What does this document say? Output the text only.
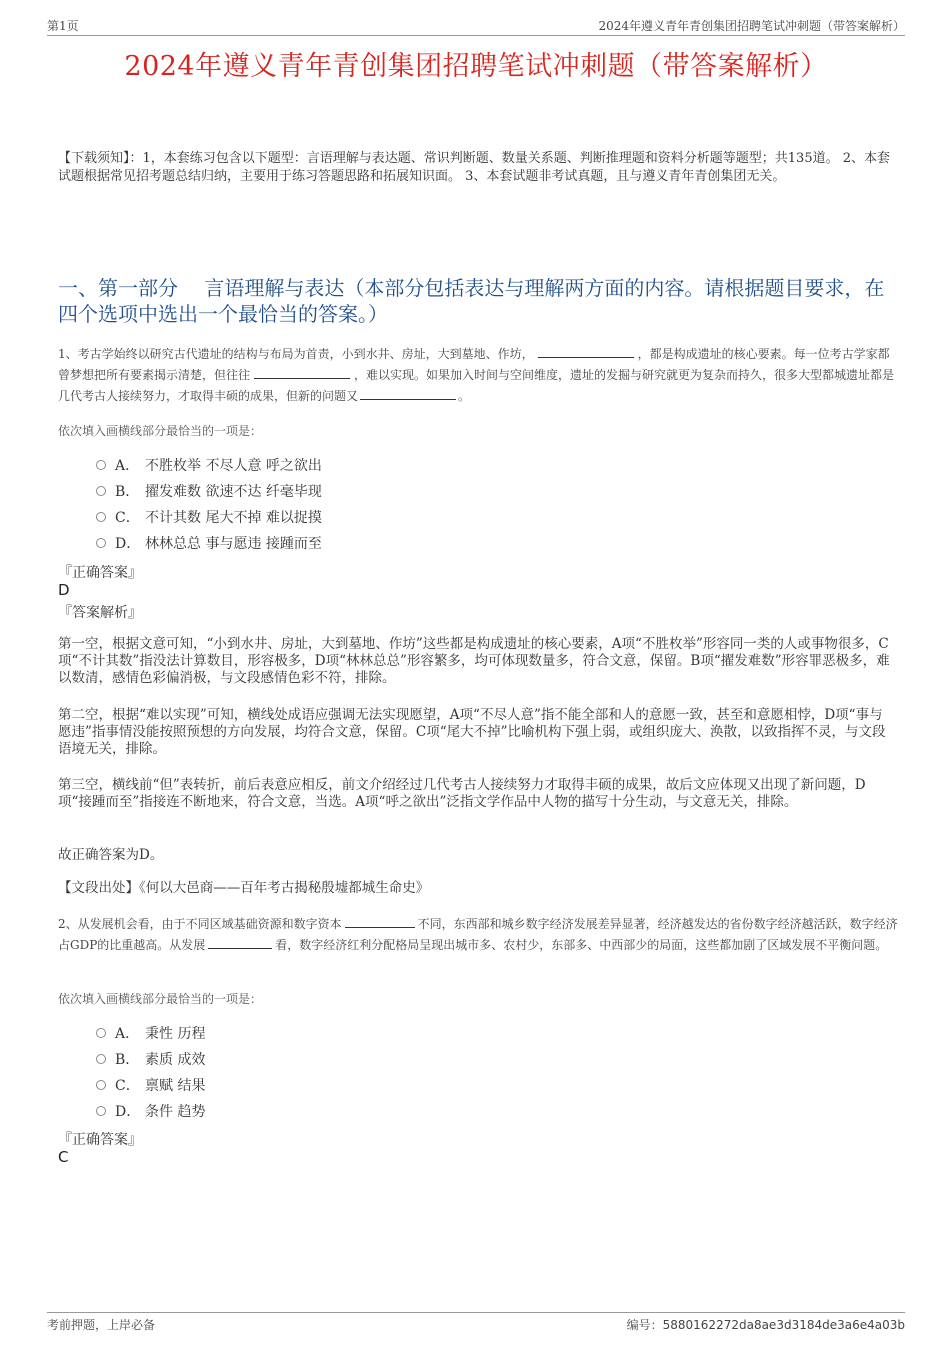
第1页	2024年遵义青年青创集团招聘笔试冲刺题（带答案解析）
2024年遵义青年青创集团招聘笔试冲刺题（带答案解析）
【下载须知】：1，本套练习包含以下题型：言语理解与表达题、常识判断题、数量关系题、判断推理题和资料分析题等题型；共135道。 2、本套试题根据常见招考题总结归纳，主要用于练习答题思路和拓展知识面。 3、本套试题非考试真题，且与遵义青年青创集团无关。
一、第一部分　 言语理解与表达（本部分包括表达与理解两方面的内容。请根据题目要求，在四个选项中选出一个最恰当的答案。）
1、考古学始终以研究古代遗址的结构与布局为首责，小到水井、房址，大到墓地、作坊，	，都是构成遗址的核心要素。每一位考古学家都曾梦想把所有要素揭示清楚，但往往	，难以实现。如果加入时间与空间维度，遗址的发掘与研究就更为复杂而持久，很多大型都城遗址都是几代考古人接续努力，才取得丰硕的成果，但新的问题又	。
依次填入画横线部分最恰当的一项是：
A． 不胜枚举 不尽人意 呼之欲出
B． 擢发难数 欲速不达 纤毫毕现
C． 不计其数 尾大不掉 难以捉摸
D． 林林总总 事与愿违 接踵而至
『正确答案』
D
『答案解析』
第一空，根据文意可知，“小到水井、房址，大到墓地、作坊”这些都是构成遗址的核心要素，A项“不胜枚举”形容同一类的人或事物很多，C项“不计其数”指没法计算数目，形容极多，D项“林林总总”形容繁多，均可体现数量多，符合文意，保留。B项“擢发难数”形容罪恶极多，难以数清，感情色彩偏消极，与文段感情色彩不符，排除。
第二空，根据“难以实现”可知，横线处成语应强调无法实现愿望，A项“不尽人意”指不能全部和人的意愿一致，甚至和意愿相悖，D项“事与愿违”指事情没能按照预想的方向发展，均符合文意，保留。C项“尾大不掉”比喻机构下强上弱，或组织庞大、涣散，以致指挥不灵，与文段语境无关，排除。
第三空，横线前“但”表转折，前后表意应相反，前文介绍经过几代考古人接续努力才取得丰硕的成果，故后文应体现又出现了新问题，D项“接踵而至”指接连不断地来，符合文意，当选。A项“呼之欲出”泛指文学作品中人物的描写十分生动，与文意无关，排除。
故正确答案为D。
【文段出处】《何以大邑商——百年考古揭秘殷墟都城生命史》
2、从发展机会看，由于不同区域基础资源和数字资本	不同，东西部和城乡数字经济发展差异显著，经济越发达的省份数字经济越活跃，数字经济占GDP的比重越高。从发展	看，数字经济红利分配格局呈现出城市多、农村少，东部多、中西部少的局面，这些都加剧了区域发展不平衡问题。
依次填入画横线部分最恰当的一项是：
A． 秉性 历程
B． 素质 成效
C． 禀赋 结果
D． 条件 趋势
『正确答案』
C
考前押题，上岸必备	编号：5880162272da8ae3d3184de3a6e4a03b
